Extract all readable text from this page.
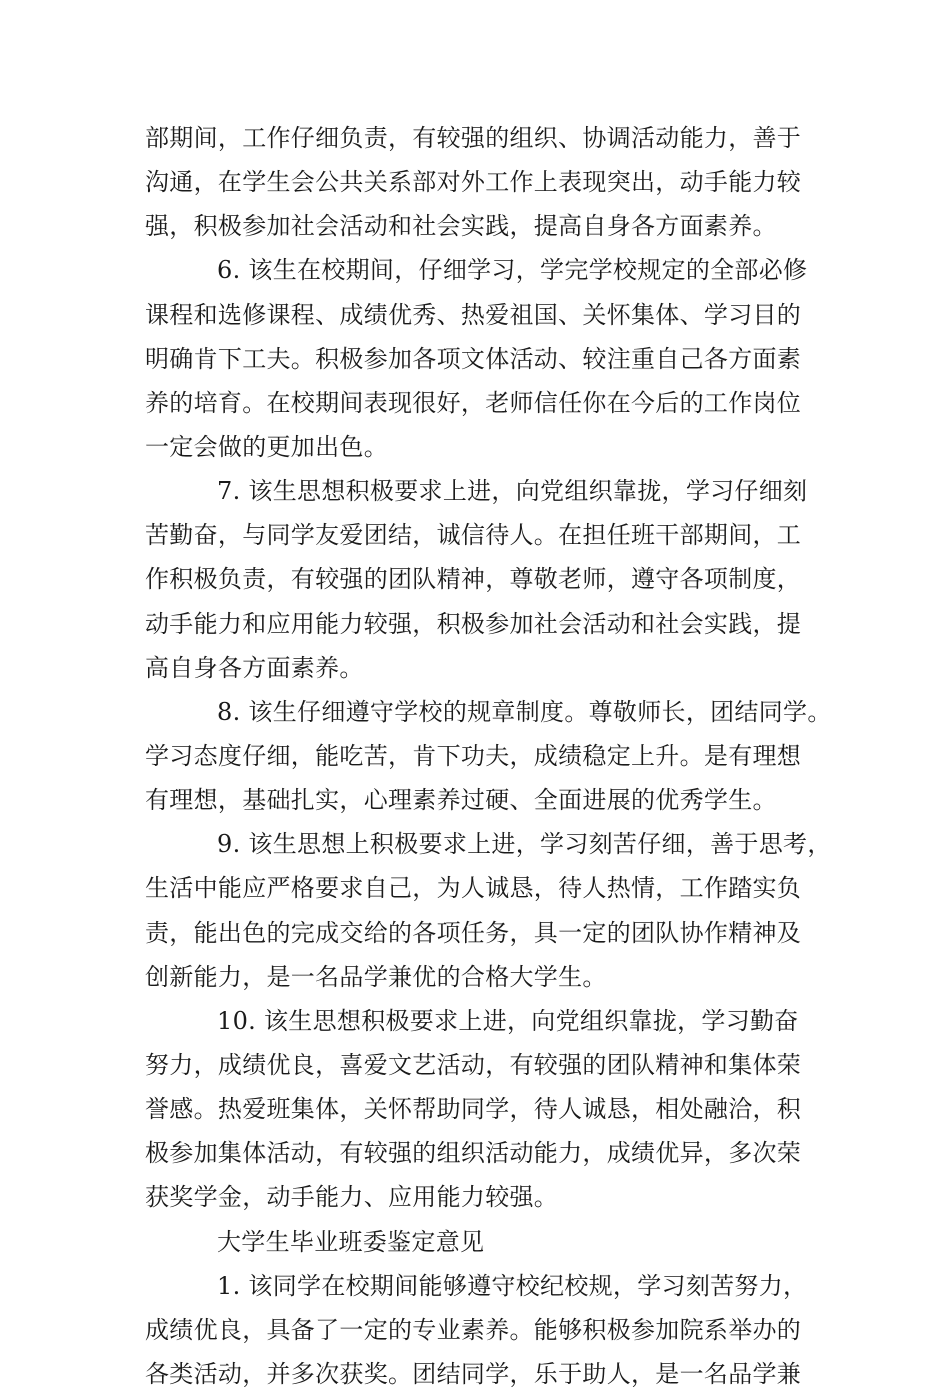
部期间，工作仔细负责，有较强的组织、协调活动能力，善于
沟通，在学生会公共关系部对外工作上表现突出，动手能力较
强，积极参加社会活动和社会实践，提高自身各方面素养。
6. 该生在校期间，仔细学习，学完学校规定的全部必修
课程和选修课程、成绩优秀、热爱祖国、关怀集体、学习目的
明确肯下工夫。积极参加各项文体活动、较注重自己各方面素
养的培育。在校期间表现很好，老师信任你在今后的工作岗位
一定会做的更加出色。
7. 该生思想积极要求上进，向党组织靠拢，学习仔细刻
苦勤奋，与同学友爱团结，诚信待人。在担任班干部期间，工
作积极负责，有较强的团队精神，尊敬老师，遵守各项制度，
动手能力和应用能力较强，积极参加社会活动和社会实践，提
高自身各方面素养。
8. 该生仔细遵守学校的规章制度。尊敬师长，团结同学。
学习态度仔细，能吃苦，肯下功夫，成绩稳定上升。是有理想
有理想，基础扎实，心理素养过硬、全面进展的优秀学生。
9. 该生思想上积极要求上进，学习刻苦仔细，善于思考，
生活中能应严格要求自己，为人诚恳，待人热情，工作踏实负
责，能出色的完成交给的各项任务，具一定的团队协作精神及
创新能力，是一名品学兼优的合格大学生。
10. 该生思想积极要求上进，向党组织靠拢，学习勤奋
努力，成绩优良，喜爱文艺活动，有较强的团队精神和集体荣
誉感。热爱班集体，关怀帮助同学，待人诚恳，相处融洽，积
极参加集体活动，有较强的组织活动能力，成绩优异，多次荣
获奖学金，动手能力、应用能力较强。
大学生毕业班委鉴定意见
1. 该同学在校期间能够遵守校纪校规，学习刻苦努力，
成绩优良，具备了一定的专业素养。能够积极参加院系举办的
各类活动，并多次获奖。团结同学，乐于助人，是一名品学兼
